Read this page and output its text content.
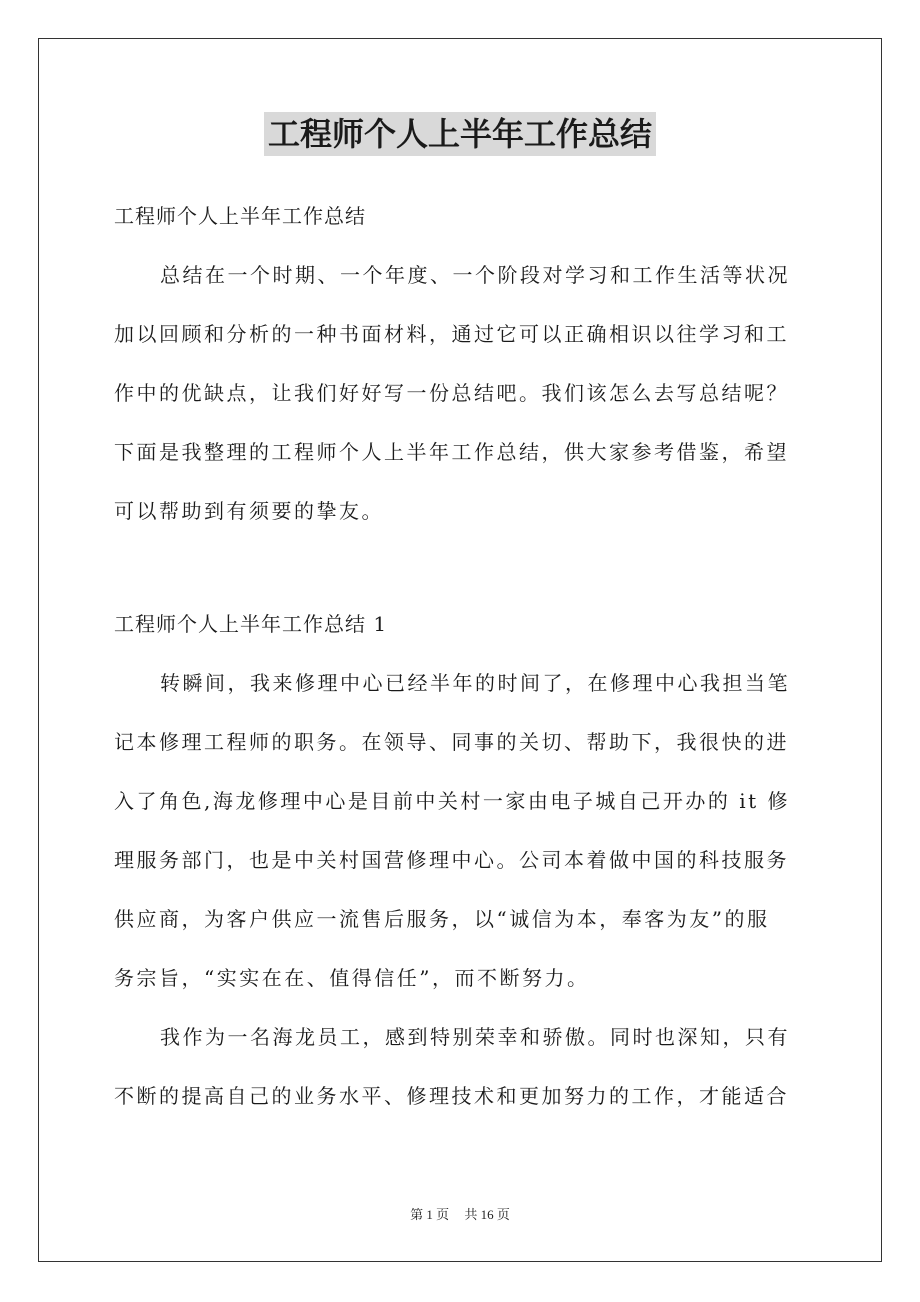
工程师个人上半年工作总结
工程师个人上半年工作总结
总结在一个时期、一个年度、一个阶段对学习和工作生活等状况
加以回顾和分析的一种书面材料，通过它可以正确相识以往学习和工
作中的优缺点，让我们好好写一份总结吧。我们该怎么去写总结呢？
下面是我整理的工程师个人上半年工作总结，供大家参考借鉴，希望
可以帮助到有须要的挚友。
工程师个人上半年工作总结 1
转瞬间，我来修理中心已经半年的时间了，在修理中心我担当笔
记本修理工程师的职务。在领导、同事的关切、帮助下，我很快的进
入了角色,海龙修理中心是目前中关村一家由电子城自己开办的 it 修
理服务部门，也是中关村国营修理中心。公司本着做中国的科技服务
供应商，为客户供应一流售后服务，以“诚信为本，奉客为友”的服
务宗旨，“实实在在、值得信任”，而不断努力。
我作为一名海龙员工，感到特别荣幸和骄傲。同时也深知，只有
不断的提高自己的业务水平、修理技术和更加努力的工作，才能适合
第 1 页 共 16 页
